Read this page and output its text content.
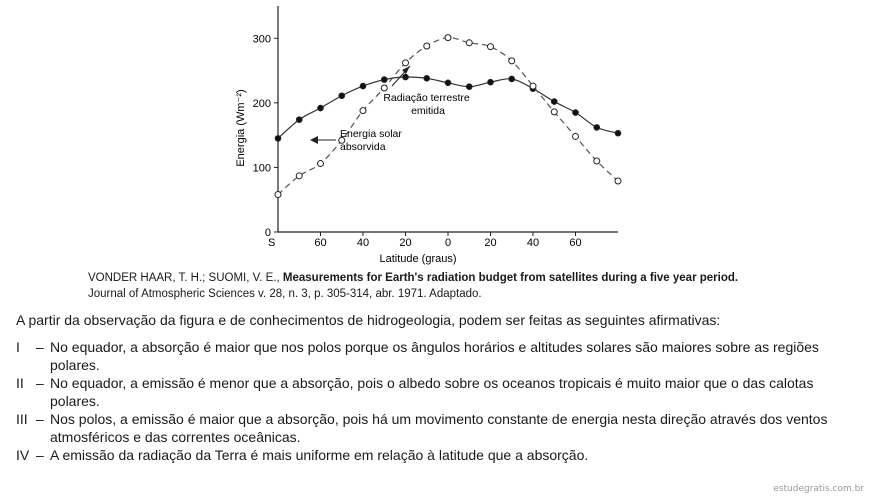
0
100
200
300
S	60	40	20	0	20	40	60
Energia (Wm⁻²)
Latitude (graus)
Radiação terrestre emitida
Energia solar absorvida
VONDER HAAR, T. H.; SUOMI, V. E., Measurements for Earth's radiation budget from satellites during a five year period.
Journal of Atmospheric Sciences v. 28, n. 3, p. 305-314, abr. 1971. Adaptado.
A partir da observação da figura e de conhecimentos de hidrogeologia, podem ser feitas as seguintes afirmativas:
I	– No equador, a absorção é maior que nos polos porque os ângulos horários e altitudes solares são maiores sobre as regiões polares.
II – No equador, a emissão é menor que a absorção, pois o albedo sobre os oceanos tropicais é muito maior que o das calotas polares.
III – Nos polos, a emissão é maior que a absorção, pois há um movimento constante de energia nesta direção através dos ventos atmosféricos e das correntes oceânicas.
IV – A emissão da radiação da Terra é mais uniforme em relação à latitude que a absorção.
estudegratis.com.br
